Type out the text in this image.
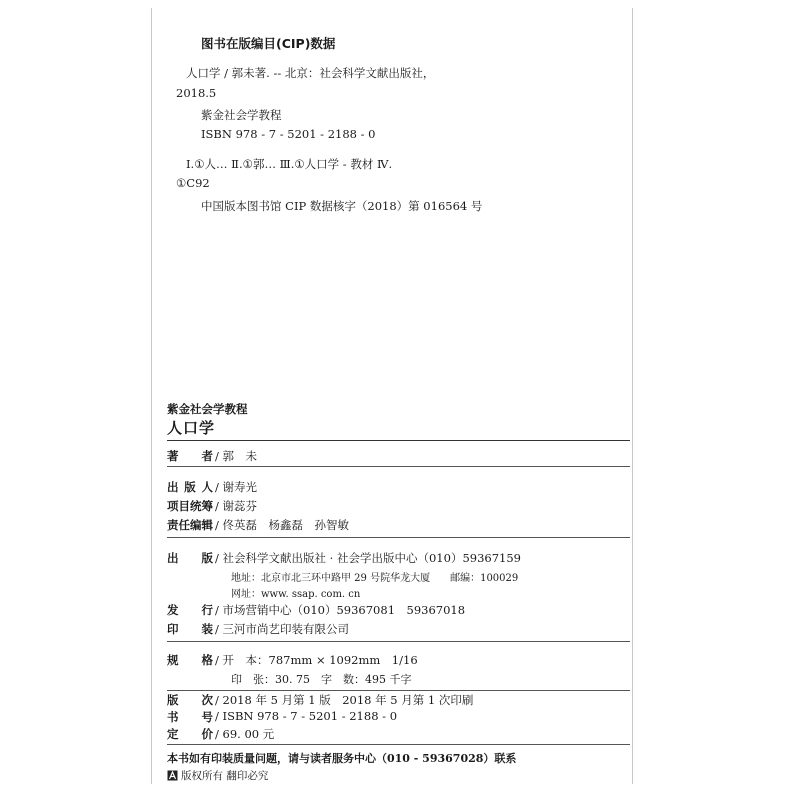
图书在版编目(CIP)数据
人口学 / 郭未著. -- 北京：社会科学文献出版社，
2018.5
紫金社会学教程
ISBN 978 - 7 - 5201 - 2188 - 0
Ⅰ.①人… Ⅱ.①郭… Ⅲ.①人口学 - 教材 Ⅳ.
①C92
中国版本图书馆 CIP 数据核字（2018）第 016564 号
紫金社会学教程
人口学
著　　者 / 郭　未
出 版 人 / 谢寿光
项目统筹 / 谢蕊芬
责任编辑 / 佟英磊　杨鑫磊　孙智敏
出　　版 / 社会科学文献出版社 · 社会学出版中心（010）59367159
地址：北京市北三环中路甲 29 号院华龙大厦　　邮编：100029
网址：www. ssap. com. cn
发　　行 / 市场营销中心（010）59367081　59367018
印　　装 / 三河市尚艺印装有限公司
规　　格 / 开　本：787mm × 1092mm　1/16
印　张：30. 75　字　数：495 千字
版　　次 / 2018 年 5 月第 1 版　2018 年 5 月第 1 次印刷
书　　号 / ISBN 978 - 7 - 5201 - 2188 - 0
定　　价 / 69. 00 元
本书如有印装质量问题，请与读者服务中心（010 - 59367028）联系
版权所有 翻印必究
